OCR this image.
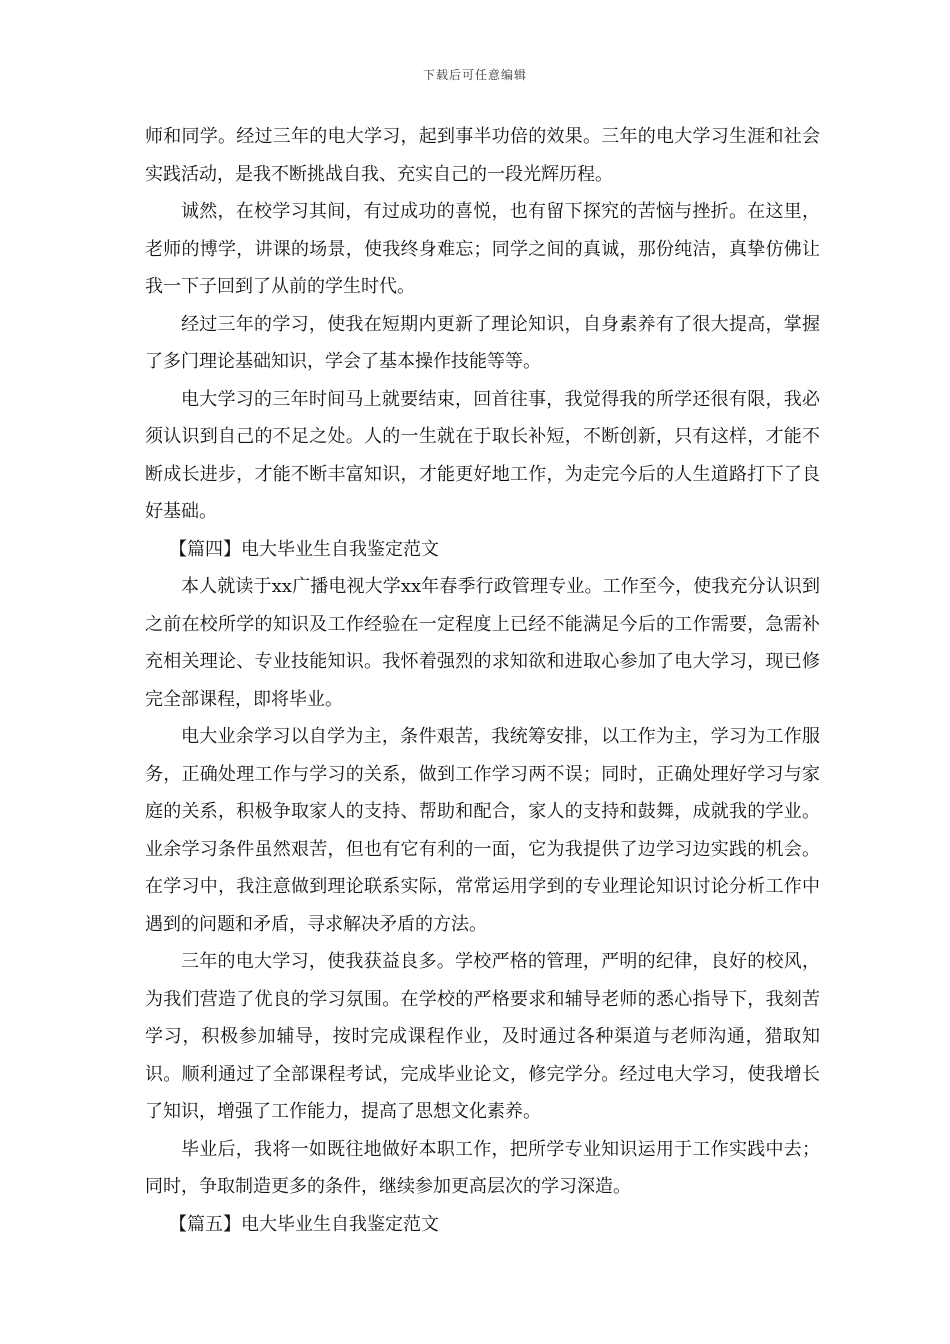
下载后可任意编辑

师和同学。经过三年的电大学习，起到事半功倍的效果。三年的电大学习生涯和社会实践活动，是我不断挑战自我、充实自己的一段光辉历程。

诚然，在校学习其间，有过成功的喜悦，也有留下探究的苦恼与挫折。在这里，老师的博学，讲课的场景，使我终身难忘；同学之间的真诚，那份纯洁，真挚仿佛让我一下子回到了从前的学生时代。

经过三年的学习，使我在短期内更新了理论知识，自身素养有了很大提高，掌握了多门理论基础知识，学会了基本操作技能等等。

电大学习的三年时间马上就要结束，回首往事，我觉得我的所学还很有限，我必须认识到自己的不足之处。人的一生就在于取长补短，不断创新，只有这样，才能不断成长进步，才能不断丰富知识，才能更好地工作，为走完今后的人生道路打下了良好基础。

【篇四】电大毕业生自我鉴定范文

本人就读于xx广播电视大学xx年春季行政管理专业。工作至今，使我充分认识到之前在校所学的知识及工作经验在一定程度上已经不能满足今后的工作需要，急需补充相关理论、专业技能知识。我怀着强烈的求知欲和进取心参加了电大学习，现已修完全部课程，即将毕业。

电大业余学习以自学为主，条件艰苦，我统筹安排，以工作为主，学习为工作服务，正确处理工作与学习的关系，做到工作学习两不误；同时，正确处理好学习与家庭的关系，积极争取家人的支持、帮助和配合，家人的支持和鼓舞，成就我的学业。业余学习条件虽然艰苦，但也有它有利的一面，它为我提供了边学习边实践的机会。在学习中，我注意做到理论联系实际，常常运用学到的专业理论知识讨论分析工作中遇到的问题和矛盾，寻求解决矛盾的方法。

三年的电大学习，使我获益良多。学校严格的管理，严明的纪律，良好的校风，为我们营造了优良的学习氛围。在学校的严格要求和辅导老师的悉心指导下，我刻苦学习，积极参加辅导，按时完成课程作业，及时通过各种渠道与老师沟通，猎取知识。顺利通过了全部课程考试，完成毕业论文，修完学分。经过电大学习，使我增长了知识，增强了工作能力，提高了思想文化素养。

毕业后，我将一如既往地做好本职工作，把所学专业知识运用于工作实践中去；同时，争取制造更多的条件，继续参加更高层次的学习深造。

【篇五】电大毕业生自我鉴定范文
